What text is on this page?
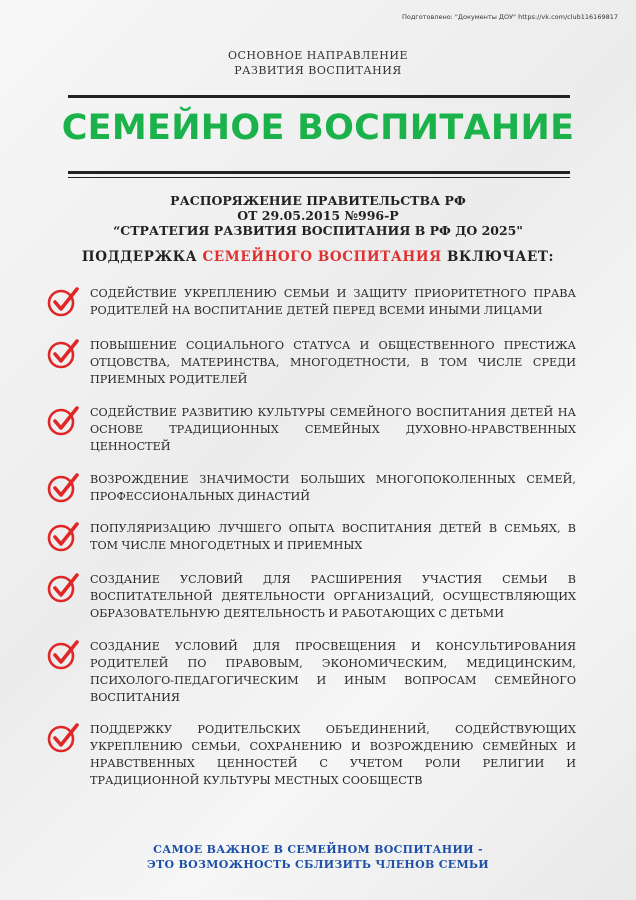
Подготовлено: "Документы ДОУ" https://vk.com/club116169817
ОСНОВНОЕ НАПРАВЛЕНИЕ
РАЗВИТИЯ ВОСПИТАНИЯ
СЕМЕЙНОЕ ВОСПИТАНИЕ
РАСПОРЯЖЕНИЕ ПРАВИТЕЛЬСТВА РФ
ОТ 29.05.2015 №996-Р
“СТРАТЕГИЯ РАЗВИТИЯ ВОСПИТАНИЯ В РФ ДО 2025"
ПОДДЕРЖКА СЕМЕЙНОГО ВОСПИТАНИЯ ВКЛЮЧАЕТ:
СОДЕЙСТВИЕ УКРЕПЛЕНИЮ СЕМЬИ И ЗАЩИТУ ПРИОРИТЕТНОГО ПРАВА РОДИТЕЛЕЙ НА ВОСПИТАНИЕ ДЕТЕЙ ПЕРЕД ВСЕМИ ИНЫМИ ЛИЦАМИ
ПОВЫШЕНИЕ СОЦИАЛЬНОГО СТАТУСА И ОБЩЕСТВЕННОГО ПРЕСТИЖА ОТЦОВСТВА, МАТЕРИНСТВА, МНОГОДЕТНОСТИ, В ТОМ ЧИСЛЕ СРЕДИ ПРИЕМНЫХ РОДИТЕЛЕЙ
СОДЕЙСТВИЕ РАЗВИТИЮ КУЛЬТУРЫ СЕМЕЙНОГО ВОСПИТАНИЯ ДЕТЕЙ НА ОСНОВЕ ТРАДИЦИОННЫХ СЕМЕЙНЫХ ДУХОВНО-НРАВСТВЕННЫХ ЦЕННОСТЕЙ
ВОЗРОЖДЕНИЕ ЗНАЧИМОСТИ БОЛЬШИХ МНОГОПОКОЛЕННЫХ СЕМЕЙ, ПРОФЕССИОНАЛЬНЫХ ДИНАСТИЙ
ПОПУЛЯРИЗАЦИЮ ЛУЧШЕГО ОПЫТА ВОСПИТАНИЯ ДЕТЕЙ В СЕМЬЯХ, В ТОМ ЧИСЛЕ МНОГОДЕТНЫХ И ПРИЕМНЫХ
СОЗДАНИЕ УСЛОВИЙ ДЛЯ РАСШИРЕНИЯ УЧАСТИЯ СЕМЬИ В ВОСПИТАТЕЛЬНОЙ ДЕЯТЕЛЬНОСТИ ОРГАНИЗАЦИЙ, ОСУЩЕСТВЛЯЮЩИХ ОБРАЗОВАТЕЛЬНУЮ ДЕЯТЕЛЬНОСТЬ И РАБОТАЮЩИХ С ДЕТЬМИ
СОЗДАНИЕ УСЛОВИЙ ДЛЯ ПРОСВЕЩЕНИЯ И КОНСУЛЬТИРОВАНИЯ РОДИТЕЛЕЙ ПО ПРАВОВЫМ, ЭКОНОМИЧЕСКИМ, МЕДИЦИНСКИМ, ПСИХОЛОГО-ПЕДАГОГИЧЕСКИМ И ИНЫМ ВОПРОСАМ СЕМЕЙНОГО ВОСПИТАНИЯ
ПОДДЕРЖКУ РОДИТЕЛЬСКИХ ОБЪЕДИНЕНИЙ, СОДЕЙСТВУЮЩИХ УКРЕПЛЕНИЮ СЕМЬИ, СОХРАНЕНИЮ И ВОЗРОЖДЕНИЮ СЕМЕЙНЫХ И НРАВСТВЕННЫХ ЦЕННОСТЕЙ С УЧЕТОМ РОЛИ РЕЛИГИИ И ТРАДИЦИОННОЙ КУЛЬТУРЫ МЕСТНЫХ СООБЩЕСТВ
САМОЕ ВАЖНОЕ В СЕМЕЙНОМ ВОСПИТАНИИ -
ЭТО ВОЗМОЖНОСТЬ СБЛИЗИТЬ ЧЛЕНОВ СЕМЬИ
